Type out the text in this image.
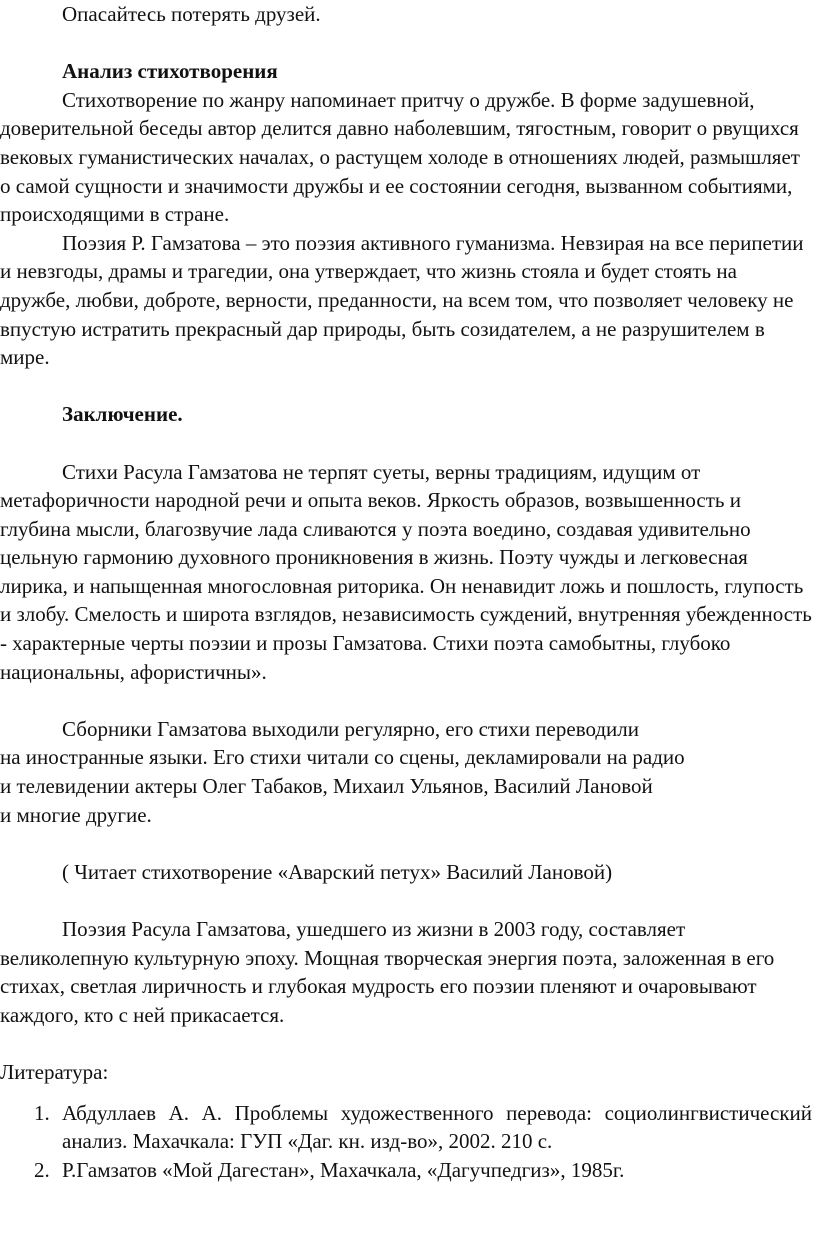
Опасайтесь потерять друзей.

Анализ стихотворения

Стихотворение по жанру напоминает притчу о дружбе. В форме задушевной, доверительной беседы автор делится давно наболевшим, тягостным, говорит о рвущихся вековых гуманистических началах, о растущем холоде в отношениях людей, размышляет о самой сущности и значимости дружбы и ее состоянии сегодня, вызванном событиями, происходящими в стране.

Поэзия Р. Гамзатова – это поэзия активного гуманизма. Невзирая на все перипетии и невзгоды, драмы и трагедии, она утверждает, что жизнь стояла и будет стоять на дружбе, любви, доброте, верности, преданности, на всем том, что позволяет человеку не впустую истратить прекрасный дар природы, быть созидателем, а не разрушителем в мире.

Заключение.

Стихи Расула Гамзатова не терпят суеты, верны традициям, идущим от метафоричности народной речи и опыта веков. Яркость образов, возвышенность и глубина мысли, благозвучие лада сливаются у поэта воедино, создавая удивительно цельную гармонию духовного проникновения в жизнь. Поэту чужды и легковесная лирика, и напыщенная многословная риторика. Он ненавидит ложь и пошлость, глупость и злобу. Смелость и широта взглядов, независимость суждений, внутренняя убежденность - характерные черты поэзии и прозы Гамзатова. Стихи поэта самобытны, глубоко национальны, афористичны».

Сборники Гамзатова выходили регулярно, его стихи переводили

на иностранные языки. Его стихи читали со сцены, декламировали на радио

и телевидении актеры Олег Табаков, Михаил Ульянов, Василий Лановой

и многие другие.

( Читает стихотворение «Аварский петух» Василий Лановой)

Поэзия Расула Гамзатова, ушедшего из жизни в 2003 году, составляет великолепную культурную эпоху. Мощная творческая энергия поэта, заложенная в его стихах, светлая лиричность и глубокая мудрость его поэзии пленяют и очаровывают каждого, кто с ней прикасается.

Литература:

1. Абдуллаев А. А. Проблемы художественного перевода: социолингвистический анализ. Махачкала: ГУП «Даг. кн. изд-во», 2002. 210 с.
2. Р.Гамзатов «Мой Дагестан», Махачкала, «Дагучпедгиз», 1985г.
